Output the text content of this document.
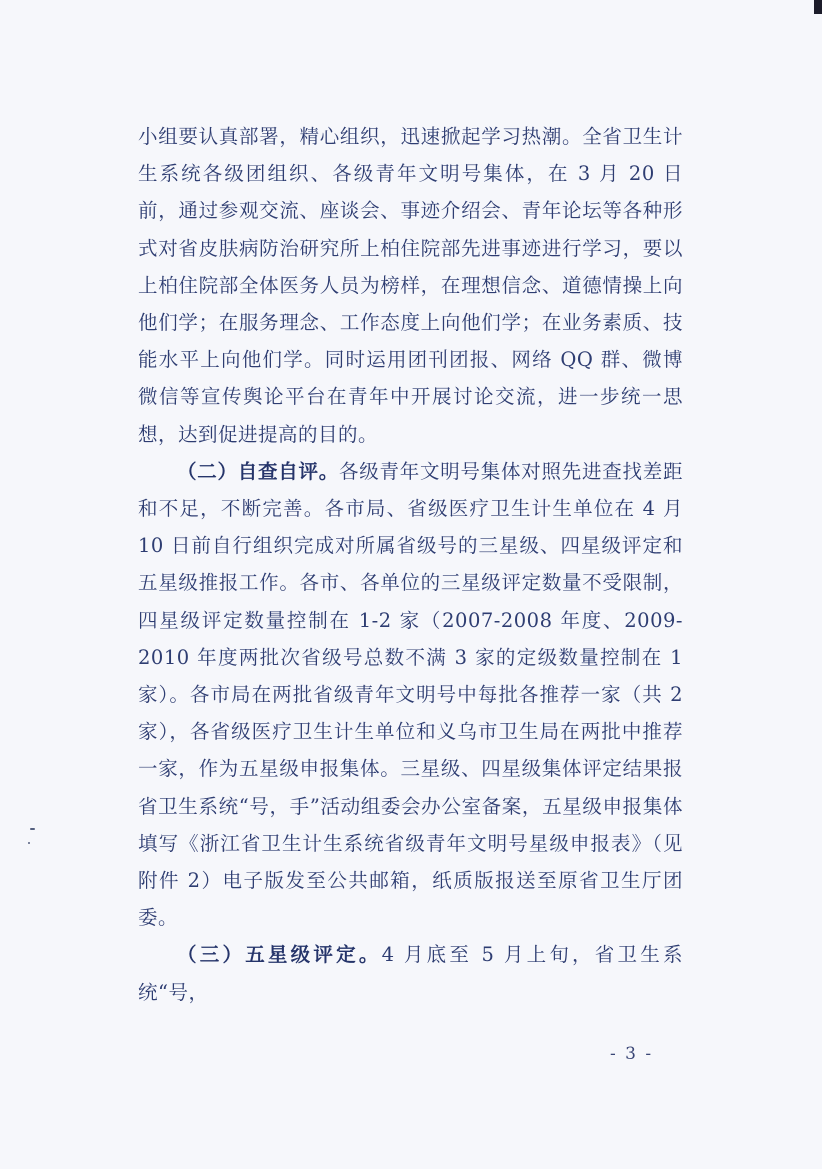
小组要认真部署，精心组织，迅速掀起学习热潮。全省卫生计生系统各级团组织、各级青年文明号集体，在 3 月 20 日前，通过参观交流、座谈会、事迹介绍会、青年论坛等各种形式对省皮肤病防治研究所上柏住院部先进事迹进行学习，要以上柏住院部全体医务人员为榜样，在理想信念、道德情操上向他们学；在服务理念、工作态度上向他们学；在业务素质、技能水平上向他们学。同时运用团刊团报、网络 QQ 群、微博微信等宣传舆论平台在青年中开展讨论交流，进一步统一思想，达到促进提高的目的。

（二）自查自评。各级青年文明号集体对照先进查找差距和不足，不断完善。各市局、省级医疗卫生计生单位在 4 月 10 日前自行组织完成对所属省级号的三星级、四星级评定和五星级推报工作。各市、各单位的三星级评定数量不受限制，四星级评定数量控制在 1-2 家（2007-2008 年度、2009-2010 年度两批次省级号总数不满 3 家的定级数量控制在 1 家）。各市局在两批省级青年文明号中每批各推荐一家（共 2 家），各省级医疗卫生计生单位和义乌市卫生局在两批中推荐一家，作为五星级申报集体。三星级、四星级集体评定结果报省卫生系统“号，手”活动组委会办公室备案，五星级申报集体填写《浙江省卫生计生系统省级青年文明号星级申报表》（见附件 2）电子版发至公共邮箱，纸质版报送至原省卫生厅团委。

（三）五星级评定。4 月底至 5 月上旬，省卫生系统“号，

- 3 -
